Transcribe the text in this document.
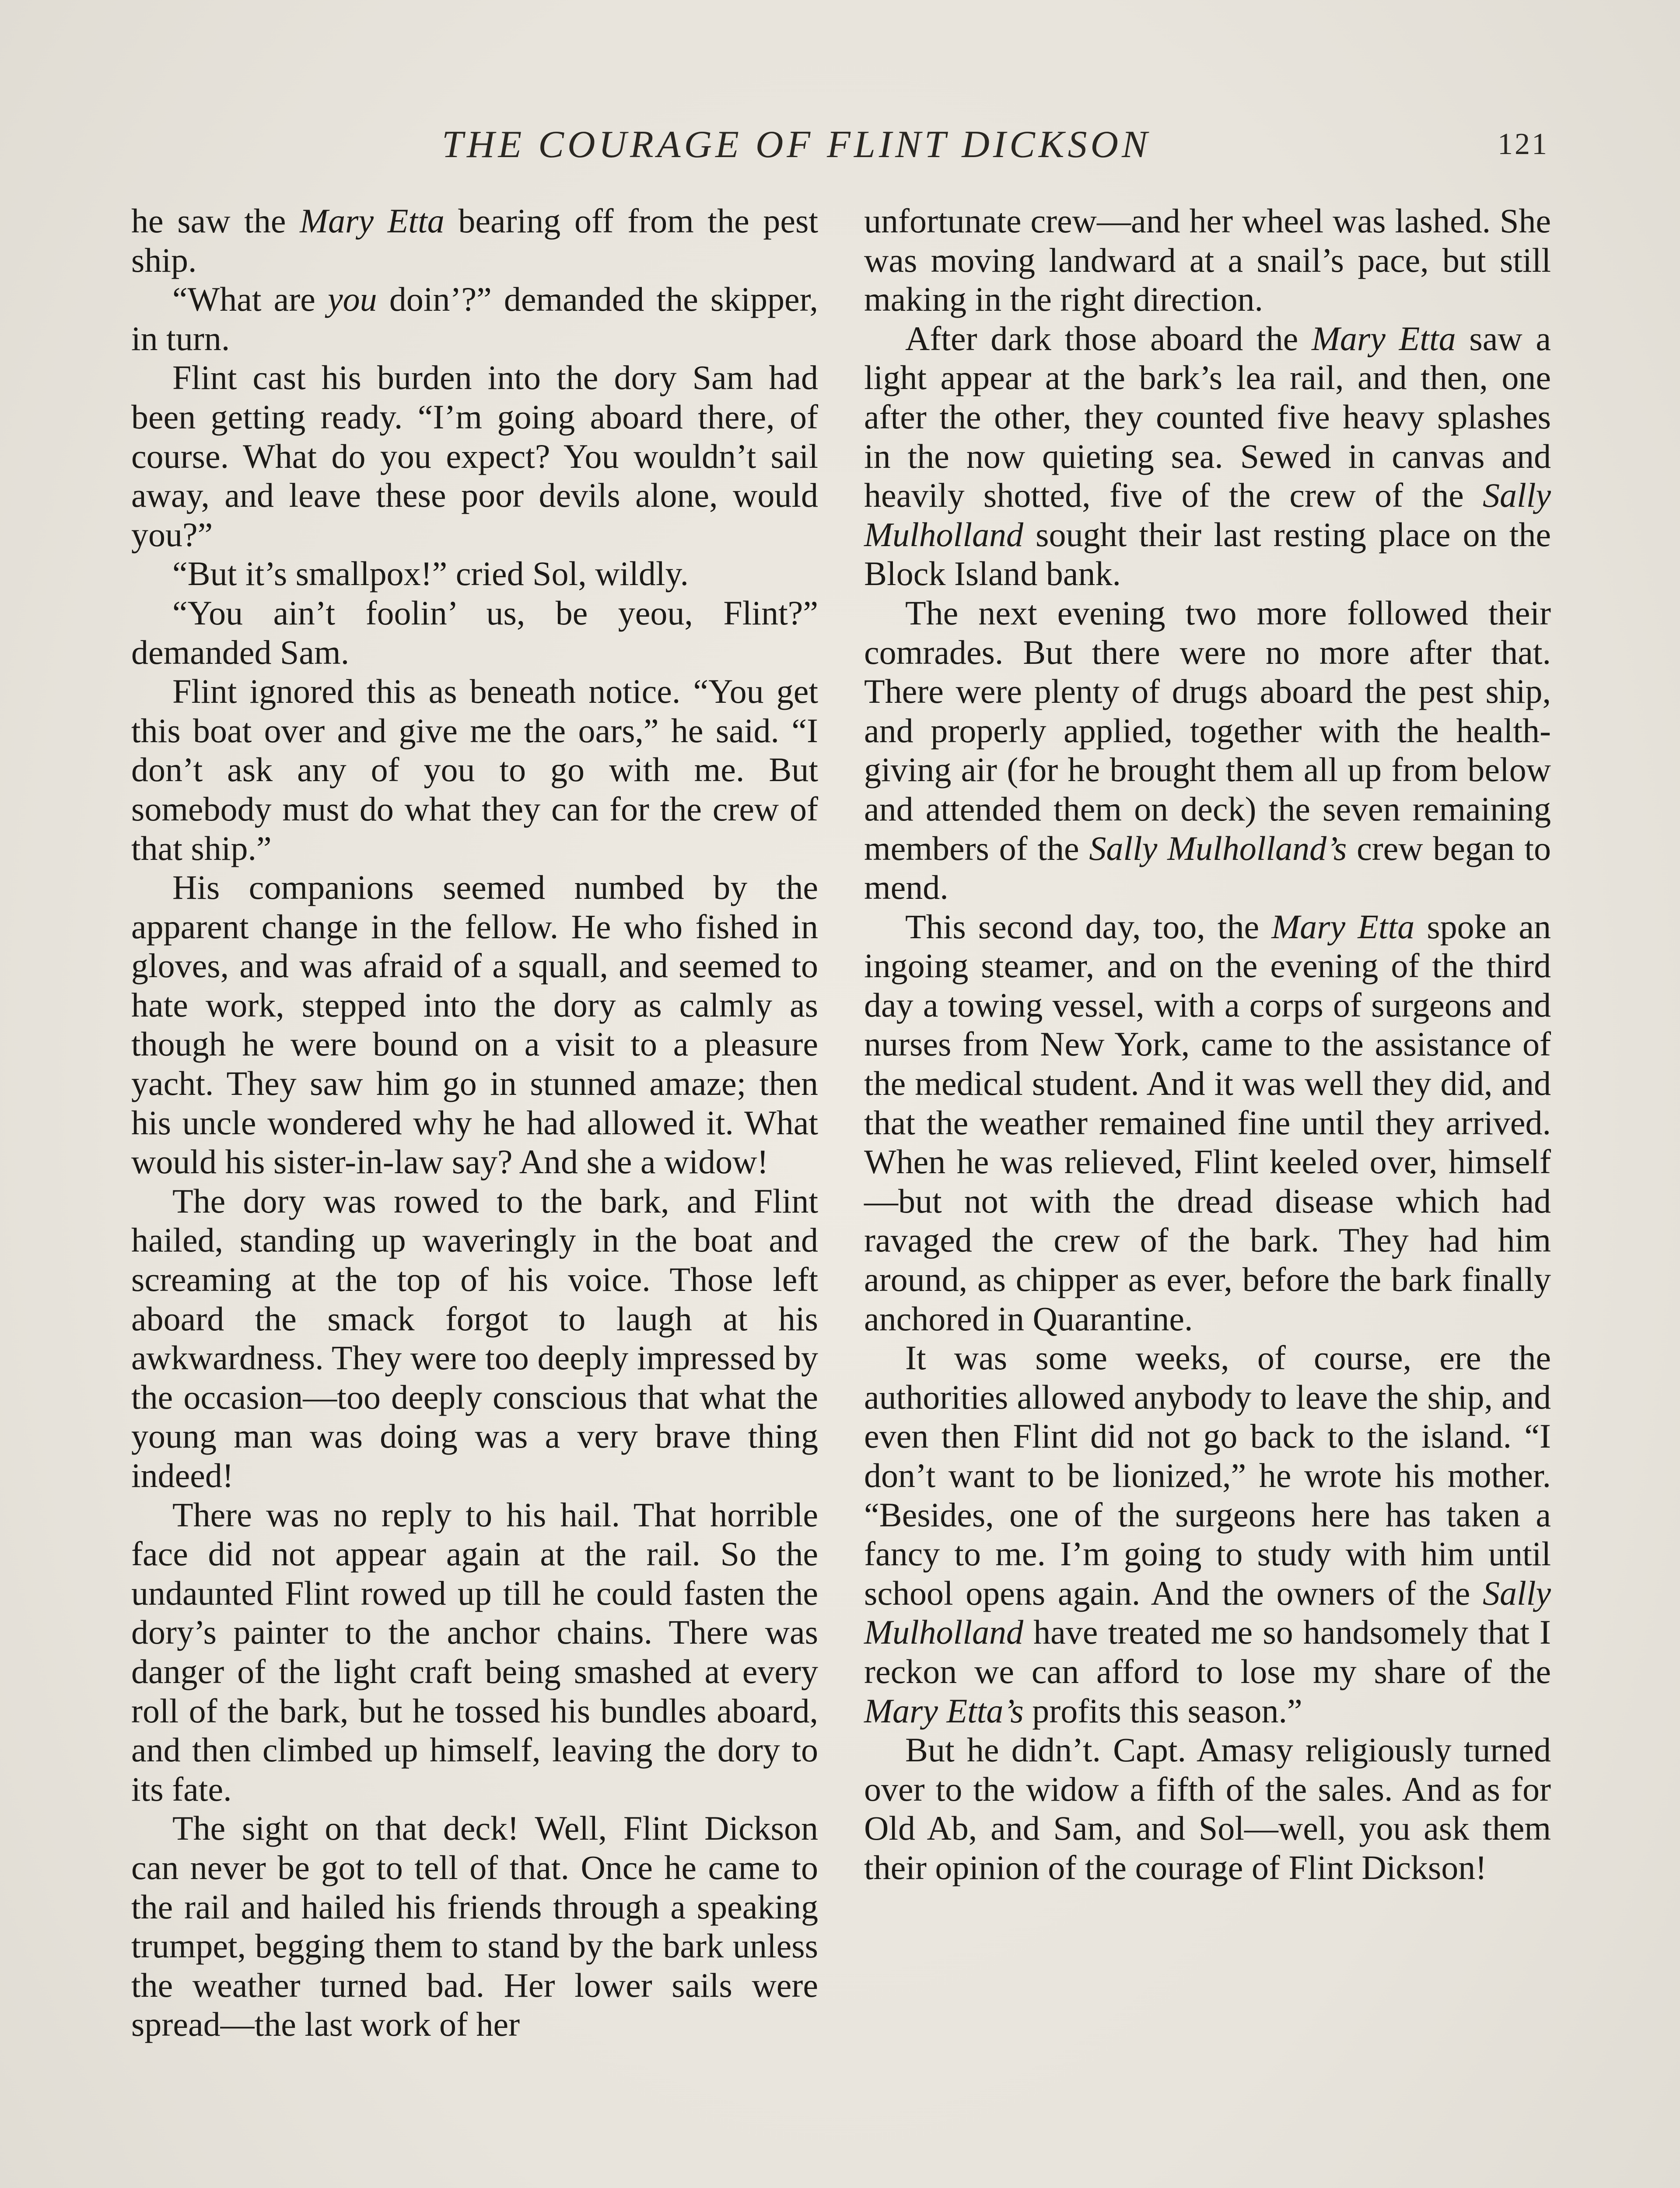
THE COURAGE OF FLINT DICKSON	121

he saw the Mary Etta bearing off from the pest ship.

“What are you doin’?” demanded the skipper, in turn.

Flint cast his burden into the dory Sam had been getting ready. “I’m going aboard there, of course. What do you expect? You wouldn’t sail away, and leave these poor devils alone, would you?”

“But it’s smallpox!” cried Sol, wildly.

“You ain’t foolin’ us, be yeou, Flint?” demanded Sam.

Flint ignored this as beneath notice. “You get this boat over and give me the oars,” he said. “I don’t ask any of you to go with me. But somebody must do what they can for the crew of that ship.”

His companions seemed numbed by the apparent change in the fellow. He who fished in gloves, and was afraid of a squall, and seemed to hate work, stepped into the dory as calmly as though he were bound on a visit to a pleasure yacht. They saw him go in stunned amaze; then his uncle wondered why he had allowed it. What would his sister-in-law say? And she a widow!

The dory was rowed to the bark, and Flint hailed, standing up waveringly in the boat and screaming at the top of his voice. Those left aboard the smack forgot to laugh at his awkwardness. They were too deeply impressed by the occasion—too deeply conscious that what the young man was doing was a very brave thing indeed!

There was no reply to his hail. That horrible face did not appear again at the rail. So the undaunted Flint rowed up till he could fasten the dory’s painter to the anchor chains. There was danger of the light craft being smashed at every roll of the bark, but he tossed his bundles aboard, and then climbed up himself, leaving the dory to its fate.

The sight on that deck! Well, Flint Dickson can never be got to tell of that. Once he came to the rail and hailed his friends through a speaking trumpet, begging them to stand by the bark unless the weather turned bad. Her lower sails were spread—the last work of her

unfortunate crew—and her wheel was lashed. She was moving landward at a snail’s pace, but still making in the right direction.

After dark those aboard the Mary Etta saw a light appear at the bark’s lea rail, and then, one after the other, they counted five heavy splashes in the now quieting sea. Sewed in canvas and heavily shotted, five of the crew of the Sally Mulholland sought their last resting place on the Block Island bank.

The next evening two more followed their comrades. But there were no more after that. There were plenty of drugs aboard the pest ship, and properly applied, together with the health-giving air (for he brought them all up from below and attended them on deck) the seven remaining members of the Sally Mulholland’s crew began to mend.

This second day, too, the Mary Etta spoke an ingoing steamer, and on the evening of the third day a towing vessel, with a corps of surgeons and nurses from New York, came to the assistance of the medical student. And it was well they did, and that the weather remained fine until they arrived. When he was relieved, Flint keeled over, himself—but not with the dread disease which had ravaged the crew of the bark. They had him around, as chipper as ever, before the bark finally anchored in Quarantine.

It was some weeks, of course, ere the authorities allowed anybody to leave the ship, and even then Flint did not go back to the island. “I don’t want to be lionized,” he wrote his mother. “Besides, one of the surgeons here has taken a fancy to me. I’m going to study with him until school opens again. And the owners of the Sally Mulholland have treated me so handsomely that I reckon we can afford to lose my share of the Mary Etta’s profits this season.”

But he didn’t. Capt. Amasy religiously turned over to the widow a fifth of the sales. And as for Old Ab, and Sam, and Sol—well, you ask them their opinion of the courage of Flint Dickson!
